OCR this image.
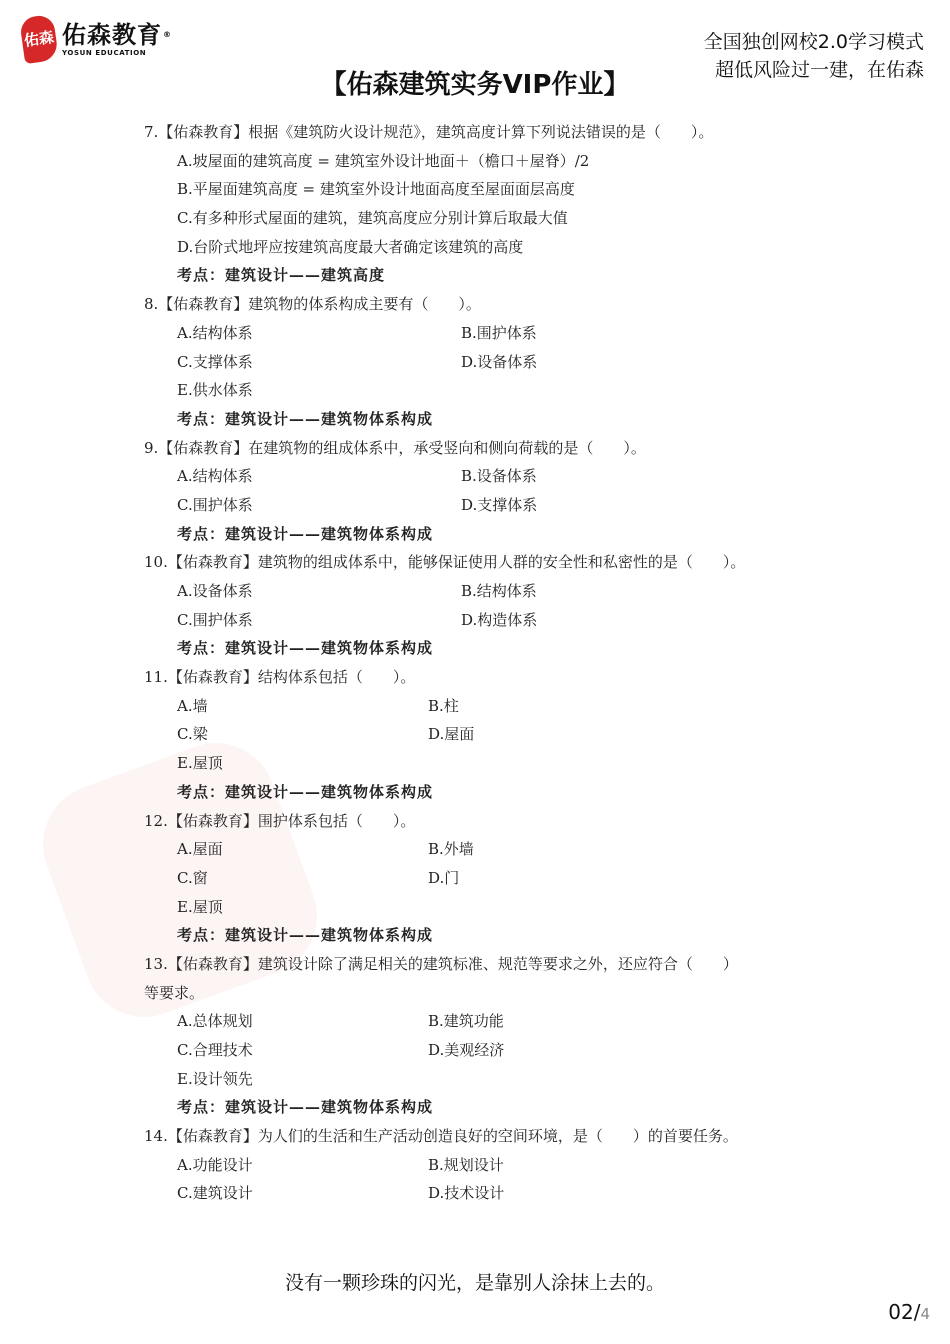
佑森 佑森教育®
YOSUN EDUCATION	全国独创网校2.0学习模式
超低风险过一建，在佑森
【佑森建筑实务VIP作业】
7.【佑森教育】根据《建筑防火设计规范》，建筑高度计算下列说法错误的是（　　）。
A.坡屋面的建筑高度 = 建筑室外设计地面＋（檐口＋屋脊）/2
B.平屋面建筑高度 = 建筑室外设计地面高度至屋面面层高度
C.有多种形式屋面的建筑，建筑高度应分别计算后取最大值
D.台阶式地坪应按建筑高度最大者确定该建筑的高度
考点：建筑设计——建筑高度
8.【佑森教育】建筑物的体系构成主要有（　　）。
A.结构体系	B.围护体系
C.支撑体系	D.设备体系
E.供水体系
考点：建筑设计——建筑物体系构成
9.【佑森教育】在建筑物的组成体系中，承受竖向和侧向荷载的是（　　）。
A.结构体系	B.设备体系
C.围护体系	D.支撑体系
考点：建筑设计——建筑物体系构成
10.【佑森教育】建筑物的组成体系中，能够保证使用人群的安全性和私密性的是（　　）。
A.设备体系	B.结构体系
C.围护体系	D.构造体系
考点：建筑设计——建筑物体系构成
11.【佑森教育】结构体系包括（　　）。
A.墙	B.柱
C.梁	D.屋面
E.屋顶
考点：建筑设计——建筑物体系构成
12.【佑森教育】围护体系包括（　　）。
A.屋面	B.外墙
C.窗	D.门
E.屋顶
考点：建筑设计——建筑物体系构成
13.【佑森教育】建筑设计除了满足相关的建筑标准、规范等要求之外，还应符合（　　）
等要求。
A.总体规划	B.建筑功能
C.合理技术	D.美观经济
E.设计领先
考点：建筑设计——建筑物体系构成
14.【佑森教育】为人们的生活和生产活动创造良好的空间环境，是（　　）的首要任务。
A.功能设计	B.规划设计
C.建筑设计	D.技术设计
没有一颗珍珠的闪光，是靠别人涂抹上去的。
02/4
